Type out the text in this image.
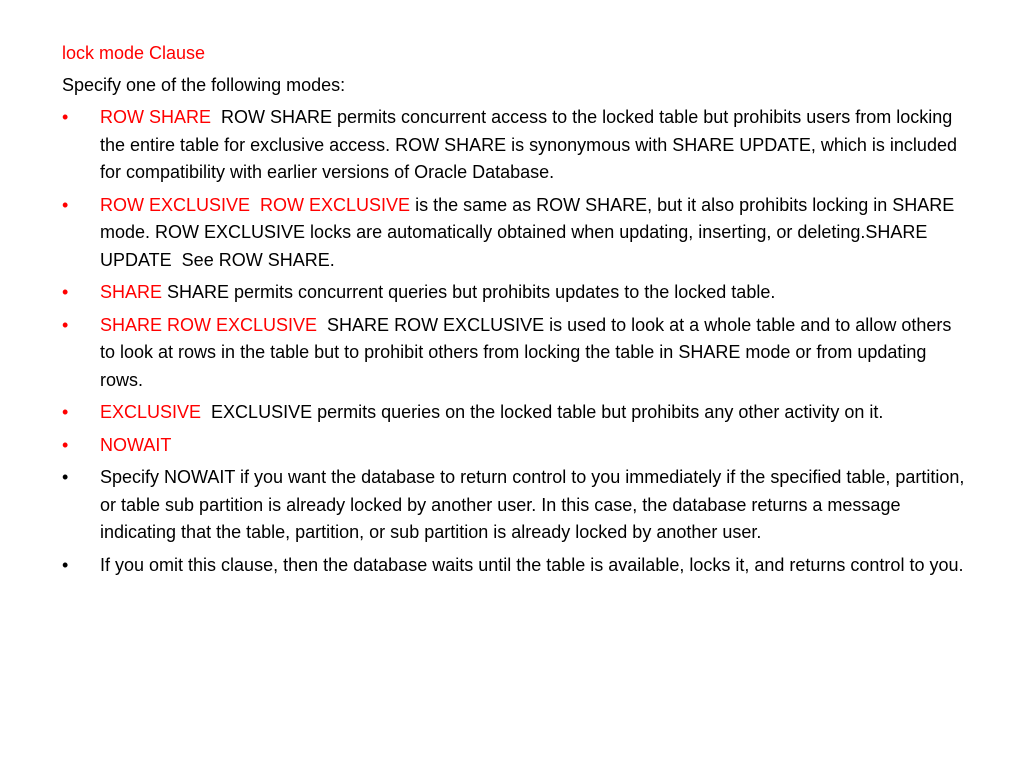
lock mode Clause

Specify one of the following modes:

•	ROW SHARE  ROW SHARE permits concurrent access to the locked table but prohibits users from locking the entire table for exclusive access. ROW SHARE is synonymous with SHARE UPDATE, which is included for compatibility with earlier versions of Oracle Database.
•	ROW EXCLUSIVE  ROW EXCLUSIVE is the same as ROW SHARE, but it also prohibits locking in SHARE mode. ROW EXCLUSIVE locks are automatically obtained when updating, inserting, or deleting.SHARE UPDATE  See ROW SHARE.
•	SHARE SHARE permits concurrent queries but prohibits updates to the locked table.
•	SHARE ROW EXCLUSIVE  SHARE ROW EXCLUSIVE is used to look at a whole table and to allow others to look at rows in the table but to prohibit others from locking the table in SHARE mode or from updating rows.
•	EXCLUSIVE  EXCLUSIVE permits queries on the locked table but prohibits any other activity on it.
•	NOWAIT
•	Specify NOWAIT if you want the database to return control to you immediately if the specified table, partition, or table sub partition is already locked by another user. In this case, the database returns a message indicating that the table, partition, or sub partition is already locked by another user.
•	If you omit this clause, then the database waits until the table is available, locks it, and returns control to you.
